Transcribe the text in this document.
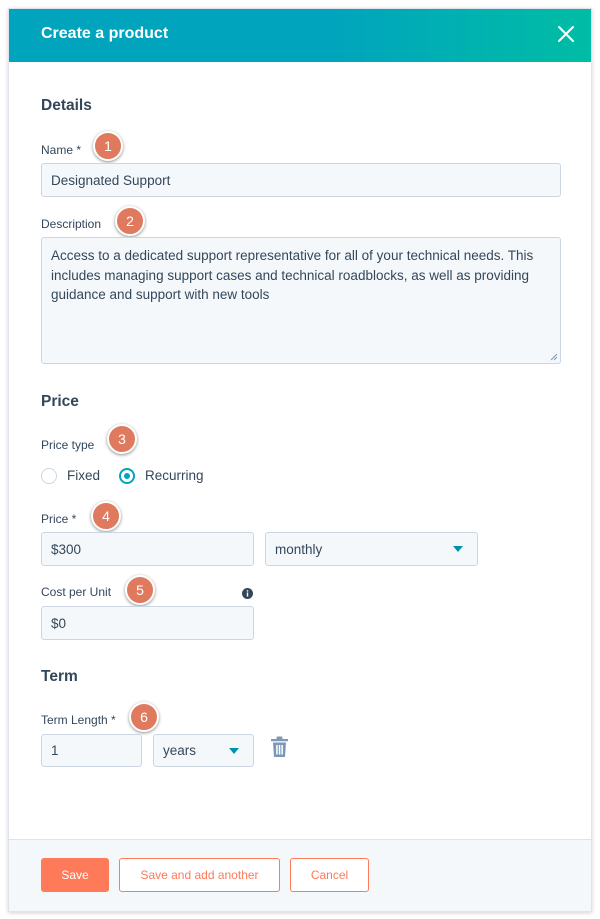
Create a product
Details
Name *	1
Designated Support
Description	2
Access to a dedicated support representative for all of your technical needs. This includes managing support cases and technical roadblocks, as well as providing guidance and support with new tools
Price
Price type	3
Fixed	Recurring
Price *	4
$300	monthly
Cost per Unit	5
$0
Term
Term Length *	6
1	years
Save	Save and add another	Cancel
